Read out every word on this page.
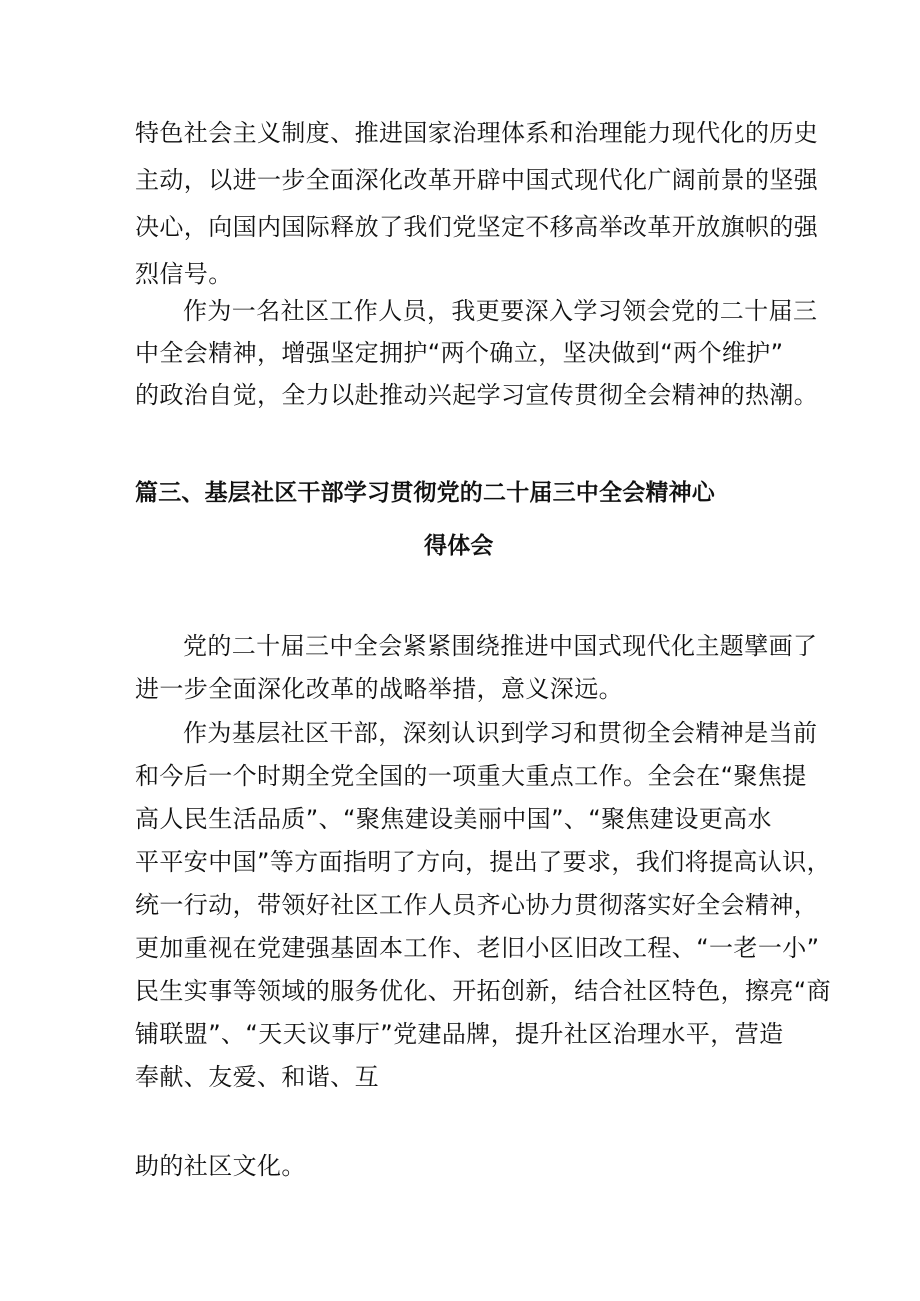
特色社会主义制度、推进国家治理体系和治理能力现代化的历史
主动，以进一步全面深化改革开辟中国式现代化广阔前景的坚强
决心，向国内国际释放了我们党坚定不移高举改革开放旗帜的强
烈信号。
作为一名社区工作人员，我更要深入学习领会党的二十届三
中全会精神，增强坚定拥护“两个确立，坚决做到“两个维护”
的政治自觉，全力以赴推动兴起学习宣传贯彻全会精神的热潮。
篇三、基层社区干部学习贯彻党的二十届三中全会精神心
得体会
党的二十届三中全会紧紧围绕推进中国式现代化主题擘画了
进一步全面深化改革的战略举措，意义深远。
作为基层社区干部，深刻认识到学习和贯彻全会精神是当前
和今后一个时期全党全国的一项重大重点工作。全会在“聚焦提
高人民生活品质”、“聚焦建设美丽中国”、“聚焦建设更高水
平平安中国”等方面指明了方向，提出了要求，我们将提高认识，
统一行动，带领好社区工作人员齐心协力贯彻落实好全会精神，
更加重视在党建强基固本工作、老旧小区旧改工程、“一老一小”
民生实事等领域的服务优化、开拓创新，结合社区特色，擦亮“商
铺联盟”、“天天议事厅”党建品牌，提升社区治理水平，营造
奉献、友爱、和谐、互
助的社区文化。
